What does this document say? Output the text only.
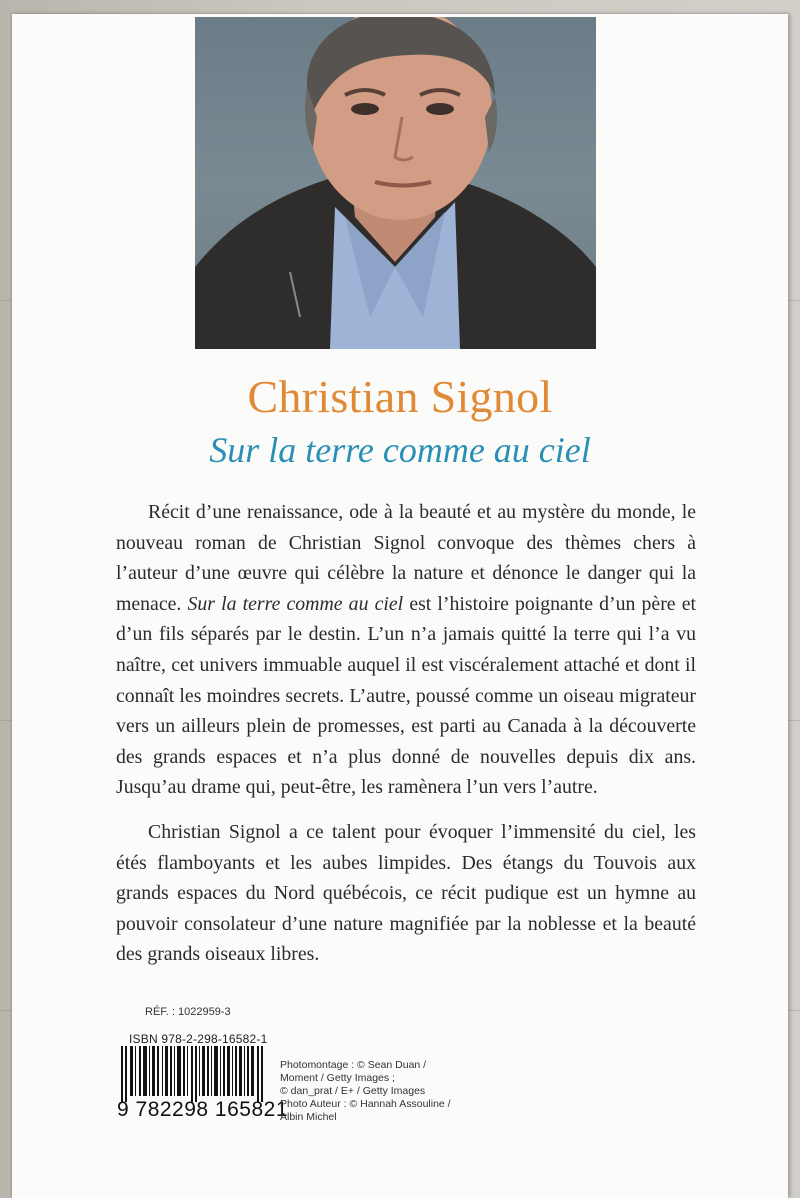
Christian Signol
Sur la terre comme au ciel

Récit d’une renaissance, ode à la beauté et au mystère du monde, le nouveau roman de Christian Signol convoque des thèmes chers à l’auteur d’une œuvre qui célèbre la nature et dénonce le danger qui la menace. Sur la terre comme au ciel est l’histoire poignante d’un père et d’un fils séparés par le destin. L’un n’a jamais quitté la terre qui l’a vu naître, cet univers immuable auquel il est viscéralement attaché et dont il connaît les moindres secrets. L’autre, poussé comme un oiseau migrateur vers un ailleurs plein de promesses, est parti au Canada à la découverte des grands espaces et n’a plus donné de nouvelles depuis dix ans. Jusqu’au drame qui, peut-être, les ramènera l’un vers l’autre.

Christian Signol a ce talent pour évoquer l’immensité du ciel, les étés flamboyants et les aubes limpides. Des étangs du Touvois aux grands espaces du Nord québécois, ce récit pudique est un hymne au pouvoir consolateur d’une nature magnifiée par la noblesse et la beauté des grands oiseaux libres.

RÉF. : 1022959-3
ISBN 978-2-298-16582-1
9 782298 165821
Photomontage : © Sean Duan /
Moment / Getty Images ;
© dan_prat / E+ / Getty Images
Photo Auteur : © Hannah Assouline /
Albin Michel
